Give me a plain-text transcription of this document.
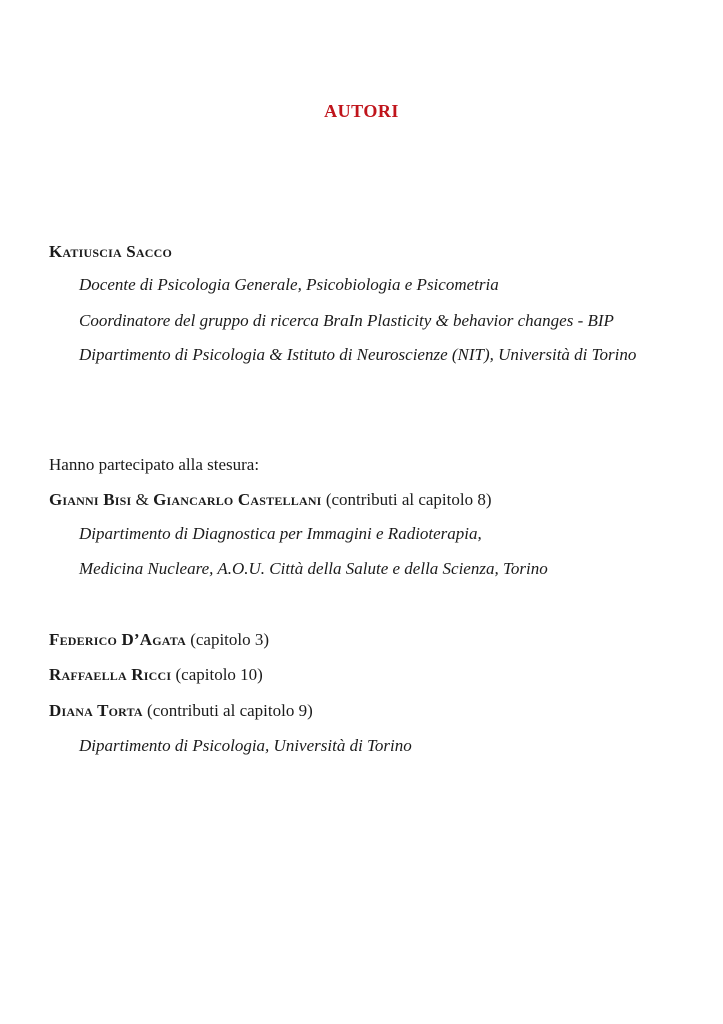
AUTORI
Katiuscia Sacco
Docente di Psicologia Generale, Psicobiologia e Psicometria
Coordinatore del gruppo di ricerca BraIn Plasticity & behavior changes - BIP
Dipartimento di Psicologia & Istituto di Neuroscienze (NIT), Università di Torino
Hanno partecipato alla stesura:
Gianni Bisi & Giancarlo Castellani (contributi al capitolo 8)
Dipartimento di Diagnostica per Immagini e Radioterapia,
Medicina Nucleare, A.O.U. Città della Salute e della Scienza, Torino
Federico D’Agata (capitolo 3)
Raffaella Ricci (capitolo 10)
Diana Torta (contributi al capitolo 9)
Dipartimento di Psicologia, Università di Torino
